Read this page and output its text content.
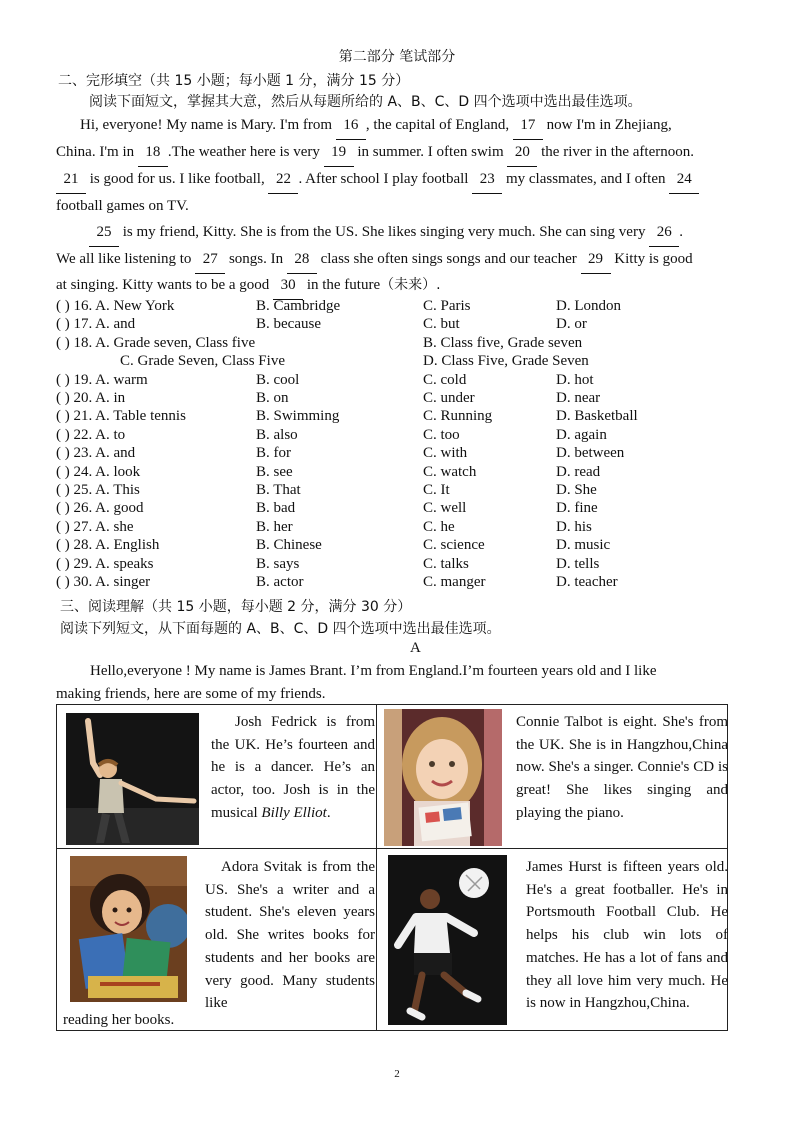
第二部分 笔试部分
二、完形填空（共 15 小题；每小题 1 分，满分 15 分）
阅读下面短文，掌握其大意，然后从每题所给的 A、B、C、D 四个选项中选出最佳选项。
Hi, everyone! My name is Mary. I'm from 16 , the capital of England, 17 now I'm in Zhejiang,
China. I'm in 18 .The weather here is very 19 in summer. I often swim 20 the river in the afternoon.
21 is good for us. I like football, 22 . After school I play football 23 my classmates, and I often 24
football games on TV.
25 is my friend, Kitty. She is from the US. She likes singing very much. She can sing very 26 .
We all like listening to 27 songs. In 28 class she often sings songs and our teacher 29 Kitty is good
at singing. Kitty wants to be a good 30 in the future（未来）.
( ) 16. A. New York	B. Cambridge	C. Paris	D. London
( ) 17. A. and	B. because	C. but	D. or
( ) 18. A. Grade seven, Class five	B. Class five, Grade seven
C. Grade Seven, Class Five	D. Class Five, Grade Seven
( ) 19. A. warm	B. cool	C. cold	D. hot
( ) 20. A. in	B. on	C. under	D. near
( ) 21. A. Table tennis	B. Swimming	C. Running	D. Basketball
( ) 22. A. to	B. also	C. too	D. again
( ) 23. A. and	B. for	C. with	D. between
( ) 24. A. look	B. see	C. watch	D. read
( ) 25. A. This	B. That	C. It	D. She
( ) 26. A. good	B. bad	C. well	D. fine
( ) 27. A. she	B. her	C. he	D. his
( ) 28. A. English	B. Chinese	C. science	D. music
( ) 29. A. speaks	B. says	C. talks	D. tells
( ) 30. A. singer	B. actor	C. manger	D. teacher
三、阅读理解（共 15 小题，每小题 2 分，满分 30 分）
阅读下列短文，从下面每题的 A、B、C、D 四个选项中选出最佳选项。
A
Hello,everyone ! My name is James Brant. I’m from England.I’m fourteen years old and I like
making friends, here are some of my friends.

Josh Fedrick is from the UK. He’s fourteen and he is a dancer. He’s an actor, too. Josh is in the musical Billy Elliot.

Connie Talbot is eight. She's from the UK. She is in Hangzhou,China now. She's a singer. Connie's CD is great! She likes singing and playing the piano.

Adora Svitak is from the US. She's a writer and a student. She's eleven years old. She writes books for students and her books are very good. Many students like

reading her books.

James Hurst is fifteen years old. He's a great footballer. He's in Portsmouth Football Club. He helps his club win lots of matches. He has a lot of fans and they all love him very much. He is now in Hangzhou,China.

2
